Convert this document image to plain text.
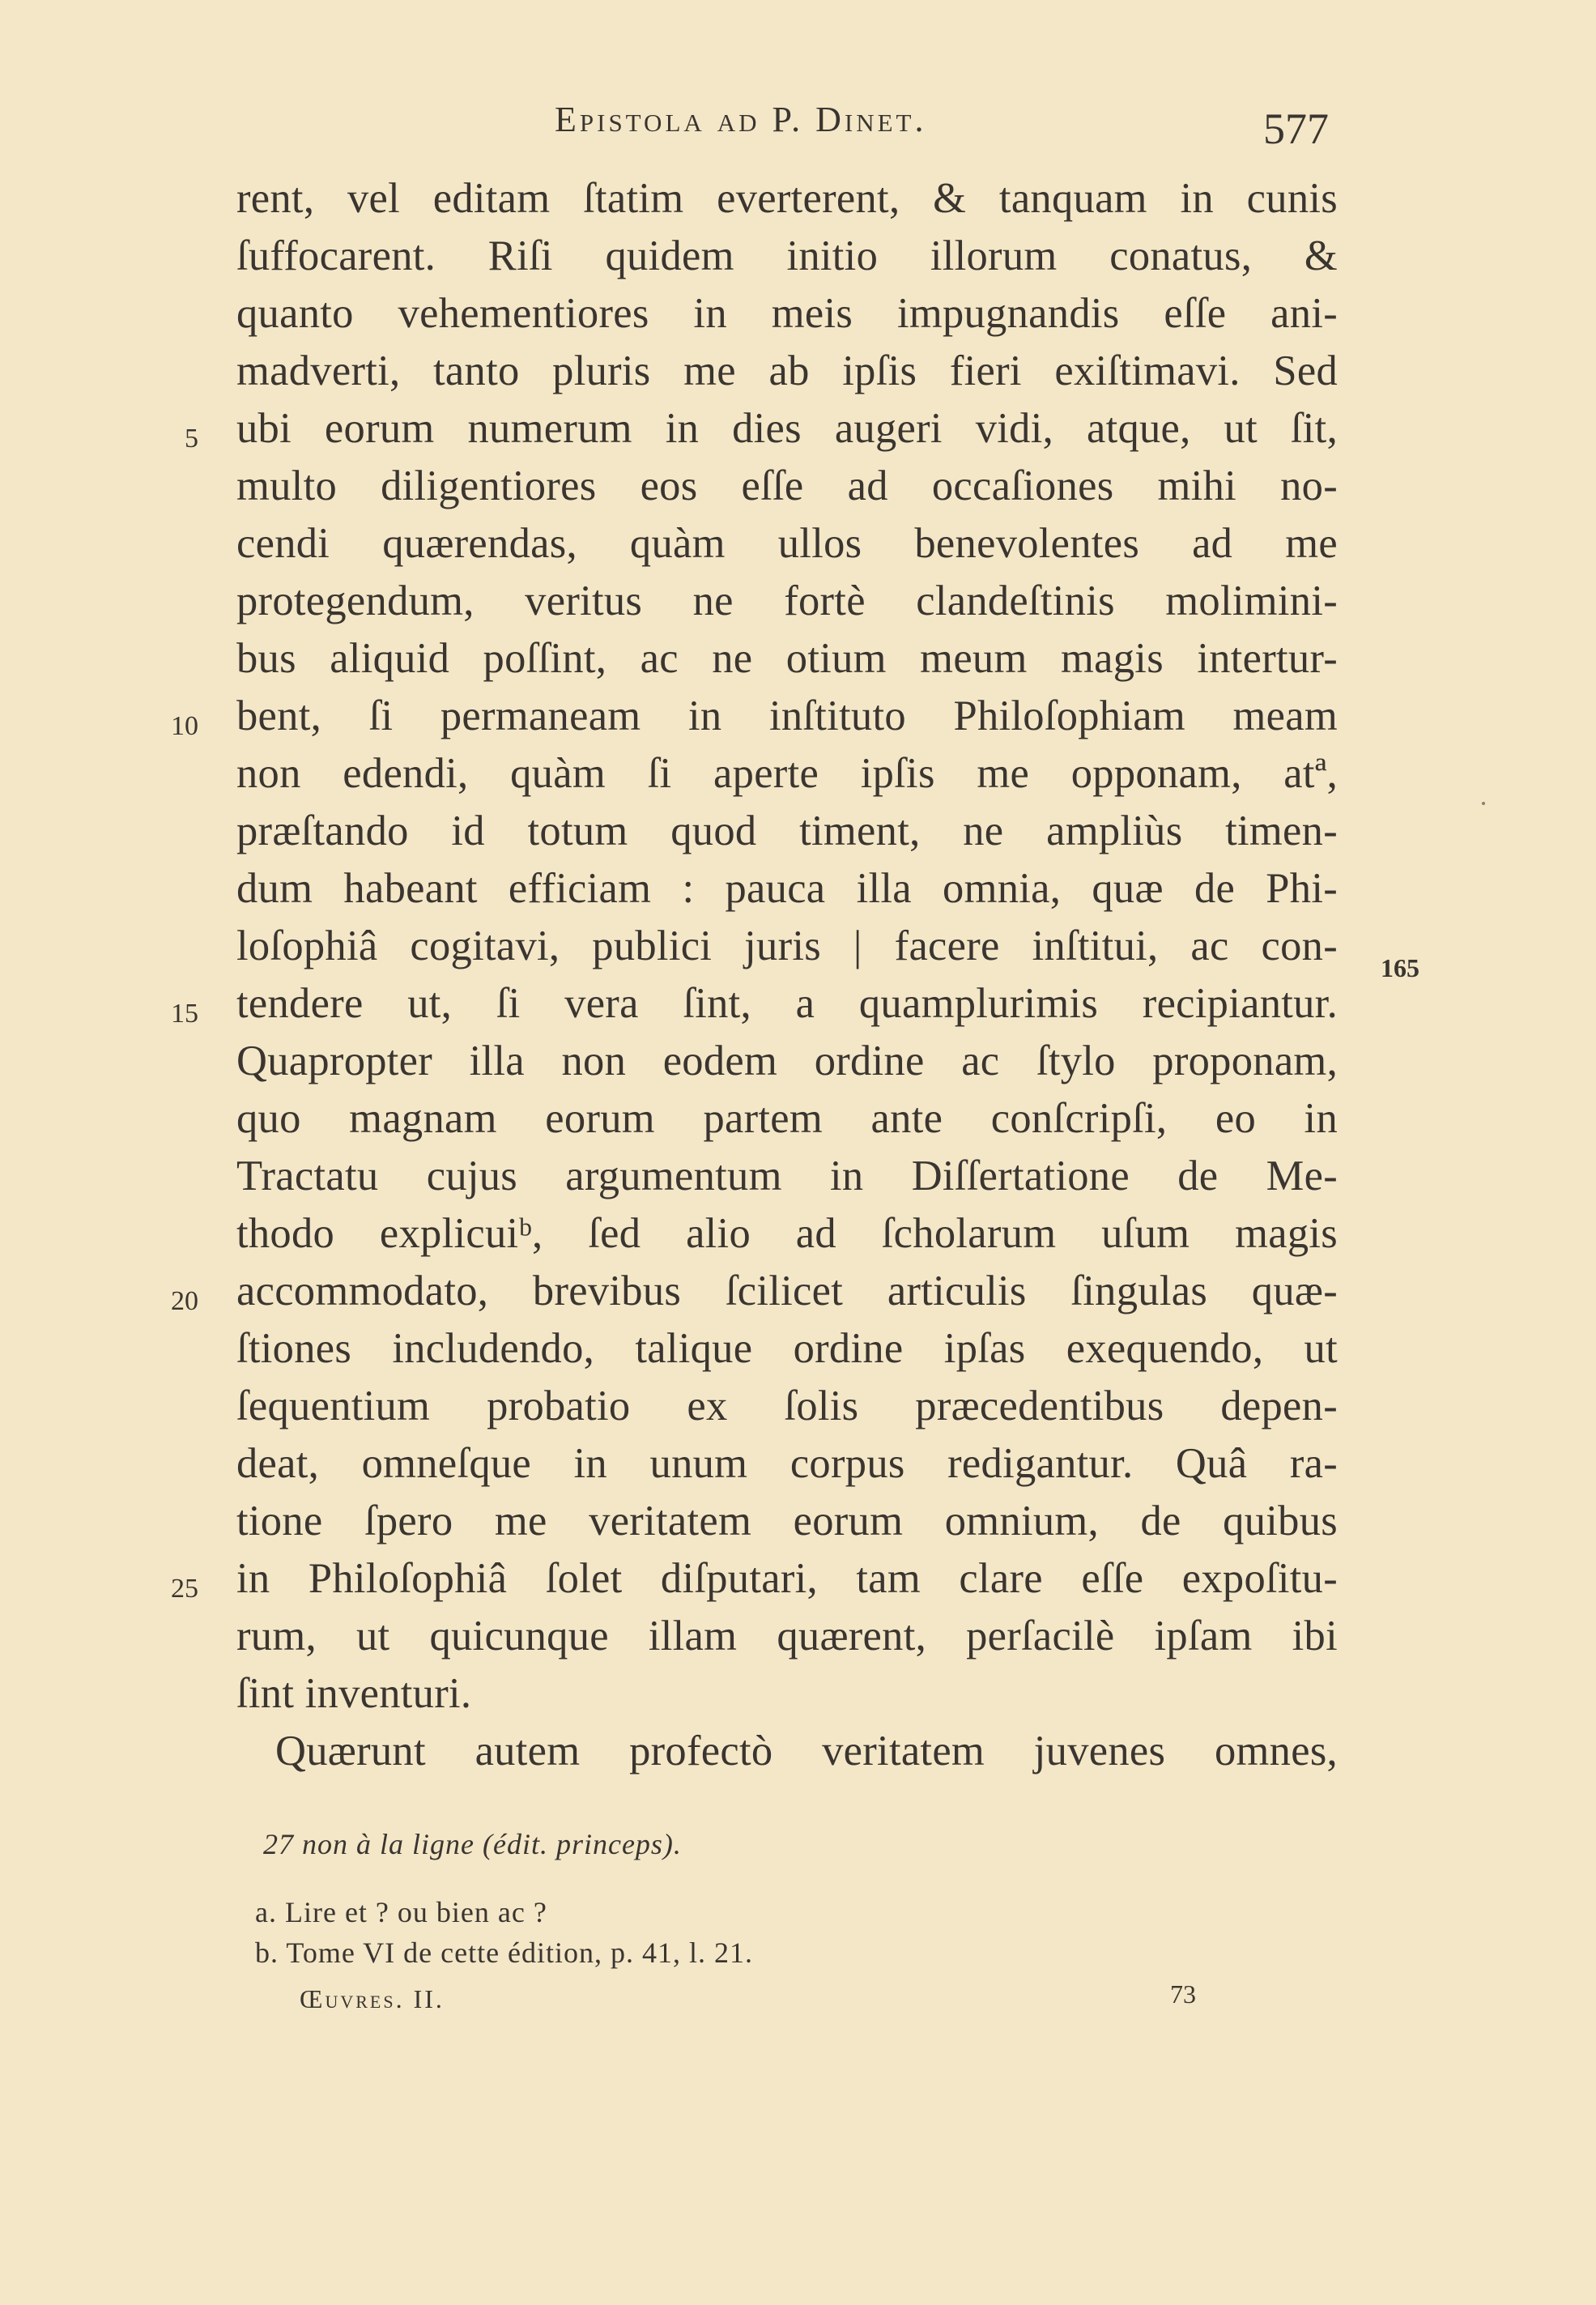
Epistola ad P. Dinet.	577
rent, vel editam ſtatim everterent, & tanquam in cunis
ſuffocarent. Riſi quidem initio illorum conatus, &
quanto vehementiores in meis impugnandis eſſe ani-
madverti, tanto pluris me ab ipſis fieri exiſtimavi. Sed
ubi eorum numerum in dies augeri vidi, atque, ut ſit,
multo diligentiores eos eſſe ad occaſiones mihi no-
cendi quærendas, quàm ullos benevolentes ad me
protegendum, veritus ne fortè clandeſtinis molimini-
bus aliquid poſſint, ac ne otium meum magis intertur-
bent, ſi permaneam in inſtituto Philoſophiam meam
non edendi, quàm ſi aperte ipſis me opponam, atª,
præſtando id totum quod timent, ne ampliùs timen-
dum habeant efficiam : pauca illa omnia, quæ de Phi-
loſophiâ cogitavi, publici juris | facere inſtitui, ac con-
tendere ut, ſi vera ſint, a quamplurimis recipiantur.
Quapropter illa non eodem ordine ac ſtylo proponam,
quo magnam eorum partem ante conſcripſi, eo in
Tractatu cujus argumentum in Diſſertatione de Me-
thodo explicuiᵇ, ſed alio ad ſcholarum uſum magis
accommodato, brevibus ſcilicet articulis ſingulas quæ-
ſtiones includendo, talique ordine ipſas exequendo, ut
ſequentium probatio ex ſolis præcedentibus depen-
deat, omneſque in unum corpus redigantur. Quâ ra-
tione ſpero me veritatem eorum omnium, de quibus
in Philoſophiâ ſolet diſputari, tam clare eſſe expoſitu-
rum, ut quicunque illam quærent, perſacilè ipſam ibi
ſint inventuri.
Quærunt autem profectò veritatem juvenes omnes,
5
10
15
20
25
165
27 non à la ligne (édit. princeps).
a. Lire et ? ou bien ac ?
b. Tome VI de cette édition, p. 41, l. 21.
Œuvres. II.	73
